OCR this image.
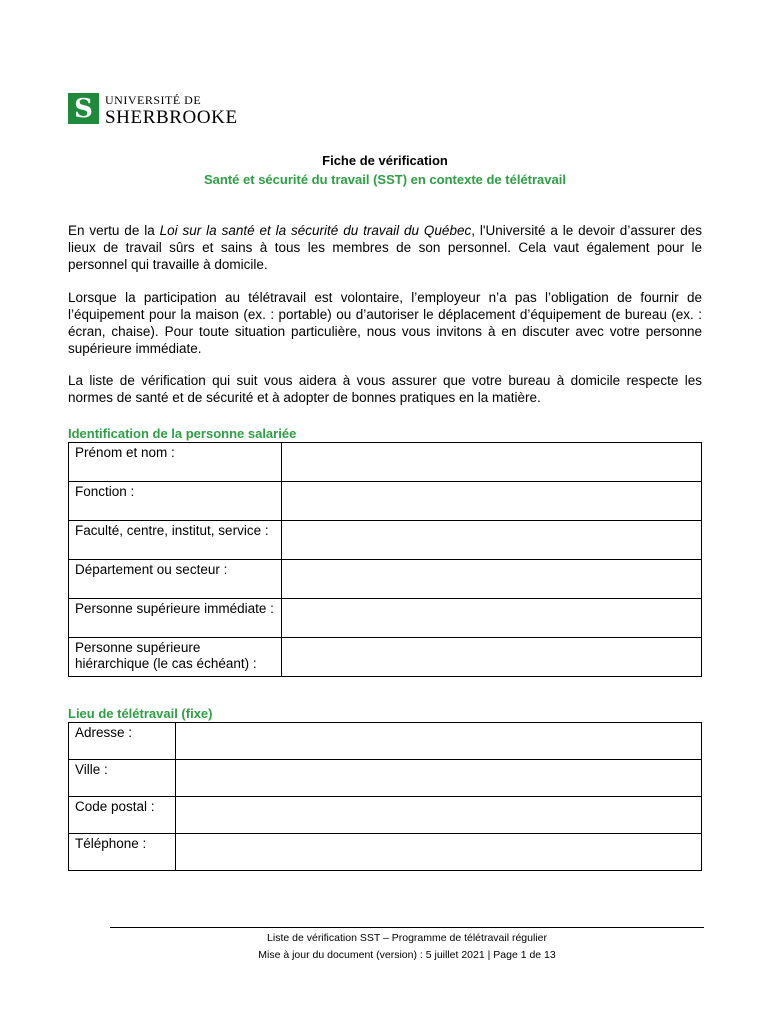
S	UNIVERSITÉ DE
SHERBROOKE
Fiche de vérification
Santé et sécurité du travail (SST) en contexte de télétravail
En vertu de la Loi sur la santé et la sécurité du travail du Québec, l'Université a le devoir d’assurer des lieux de travail sûrs et sains à tous les membres de son personnel. Cela vaut également pour le personnel qui travaille à domicile.
Lorsque la participation au télétravail est volontaire, l’employeur n’a pas l’obligation de fournir de l’équipement pour la maison (ex. : portable) ou d’autoriser le déplacement d’équipement de bureau (ex. : écran, chaise). Pour toute situation particulière, nous vous invitons à en discuter avec votre personne supérieure immédiate.
La liste de vérification qui suit vous aidera à vous assurer que votre bureau à domicile respecte les normes de santé et de sécurité et à adopter de bonnes pratiques en la matière.
Identification de la personne salariée
Prénom et nom :	
Fonction :	
Faculté, centre, institut, service :	
Département ou secteur :	
Personne supérieure immédiate :	
Personne supérieure hiérarchique (le cas échéant) :	
Lieu de télétravail (fixe)
Adresse :	
Ville :	
Code postal :	
Téléphone :	
Liste de vérification SST – Programme de télétravail régulier
Mise à jour du document (version) : 5 juillet 2021 | Page 1 de 13
